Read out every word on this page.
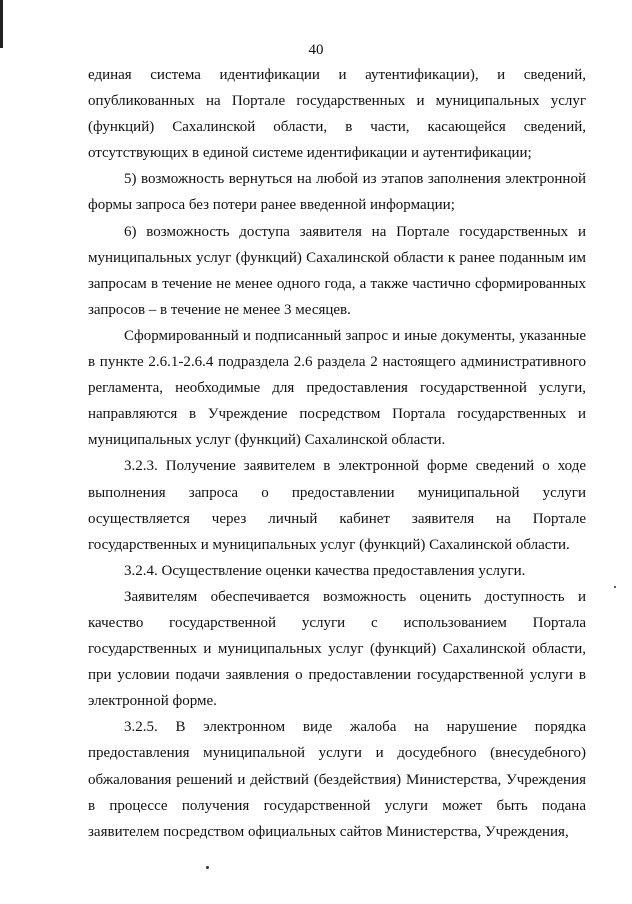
40

единая система идентификации и аутентификации), и сведений, опубликованных на Портале государственных и муниципальных услуг (функций) Сахалинской области, в части, касающейся сведений, отсутствующих в единой системе идентификации и аутентификации;

5) возможность вернуться на любой из этапов заполнения электронной формы запроса без потери ранее введенной информации;

6) возможность доступа заявителя на Портале государственных и муниципальных услуг (функций) Сахалинской области к ранее поданным им запросам в течение не менее одного года, а также частично сформированных запросов – в течение не менее 3 месяцев.

Сформированный и подписанный запрос и иные документы, указанные в пункте 2.6.1-2.6.4 подраздела 2.6 раздела 2 настоящего административного регламента, необходимые для предоставления государственной услуги, направляются в Учреждение посредством Портала государственных и муниципальных услуг (функций) Сахалинской области.

3.2.3. Получение заявителем в электронной форме сведений о ходе выполнения запроса о предоставлении муниципальной услуги осуществляется через личный кабинет заявителя на Портале государственных и муниципальных услуг (функций) Сахалинской области.

3.2.4. Осуществление оценки качества предоставления услуги.

Заявителям обеспечивается возможность оценить доступность и качество государственной услуги с использованием Портала государственных и муниципальных услуг (функций) Сахалинской области, при условии подачи заявления о предоставлении государственной услуги в электронной форме.

3.2.5. В электронном виде жалоба на нарушение порядка предоставления муниципальной услуги и досудебного (внесудебного) обжалования решений и действий (бездействия) Министерства, Учреждения в процессе получения государственной услуги может быть подана заявителем посредством официальных сайтов Министерства, Учреждения,
